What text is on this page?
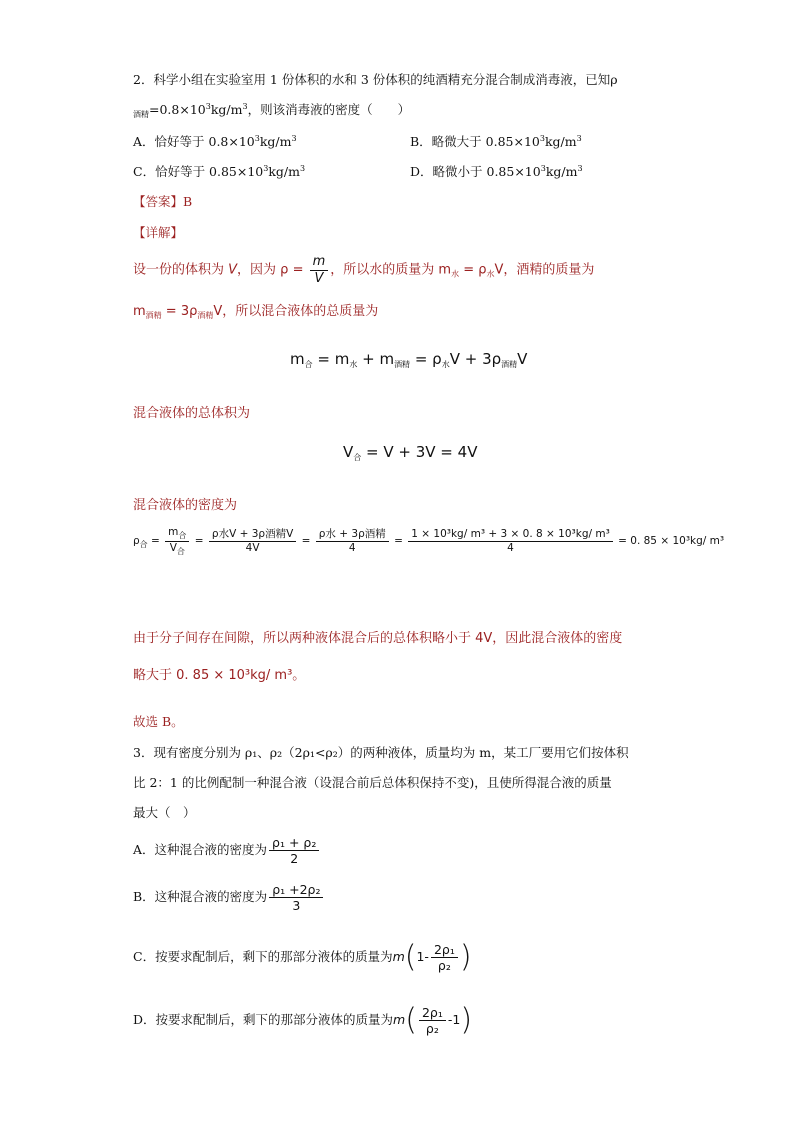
2．科学小组在实验室用 1 份体积的水和 3 份体积的纯酒精充分混合制成消毒液，已知ρ
$_{酒精}=0.8\times 10^3kg/m^3$，则该消毒液的密度（　　）
A．恰好等于 $0.8\times 10^3kg/m^3$	B．略微大于 $0.85\times 10^3kg/m^3$
C．恰好等于 $0.85\times 10^3kg/m^3$	D．略微小于 $0.85\times 10^3kg/m^3$
【答案】B
【详解】
设一份的体积为 V，因为 $\rho = \frac{m}{V}$ ，所以水的质量为 $m_水 = \rho_水V$，酒精的质量为
$m_{酒精} = 3\rho_{酒精}V$，所以混合液体的总质量为
$m_合 = m_水 + m_{酒精} = \rho_水V + 3\rho_{酒精}V$
混合液体的总体积为
$V_合 = V + 3V = 4V$
混合液体的密度为
$\rho_合 = \frac{m_合}{V_合} = \frac{\text{ρ水V + 3ρ酒精V}}{4V} = \frac{\text{ρ水 + 3ρ酒精}}{4} = \frac{\text{1 × 10³kg/ m³ + 3 × 0. 8 × 10³kg/ m³}}{4} = 0$. 85 × 10³kg/ m³
由于分子间存在间隙，所以两种液体混合后的总体积略小于 4V，因此混合液体的密度
略大于 0. 85 × 10³kg/ m³。
故选 B。
3．现有密度分别为 ρ₁、ρ₂（2ρ₁<ρ₂）的两种液体，质量均为 m，某工厂要用它们按体积
比 2：1 的比例配制一种混合液（设混合前后总体积保持不变)，且使所得混合液的质量
最大（　）
A．这种混合液的密度为 $\frac{\text{ρ₁ + ρ₂}}{2}$
B．这种混合液的密度为 $\frac{\text{ρ₁ +2ρ₂}}{3}$
C．按要求配制后，剩下的那部分液体的质量为$m(1- \frac{\text{2ρ₁}}{\text{ρ₂}}$ )
D．按要求配制后，剩下的那部分液体的质量为$m( \frac{\text{2ρ₁}}{\text{ρ₂}} -1)$
